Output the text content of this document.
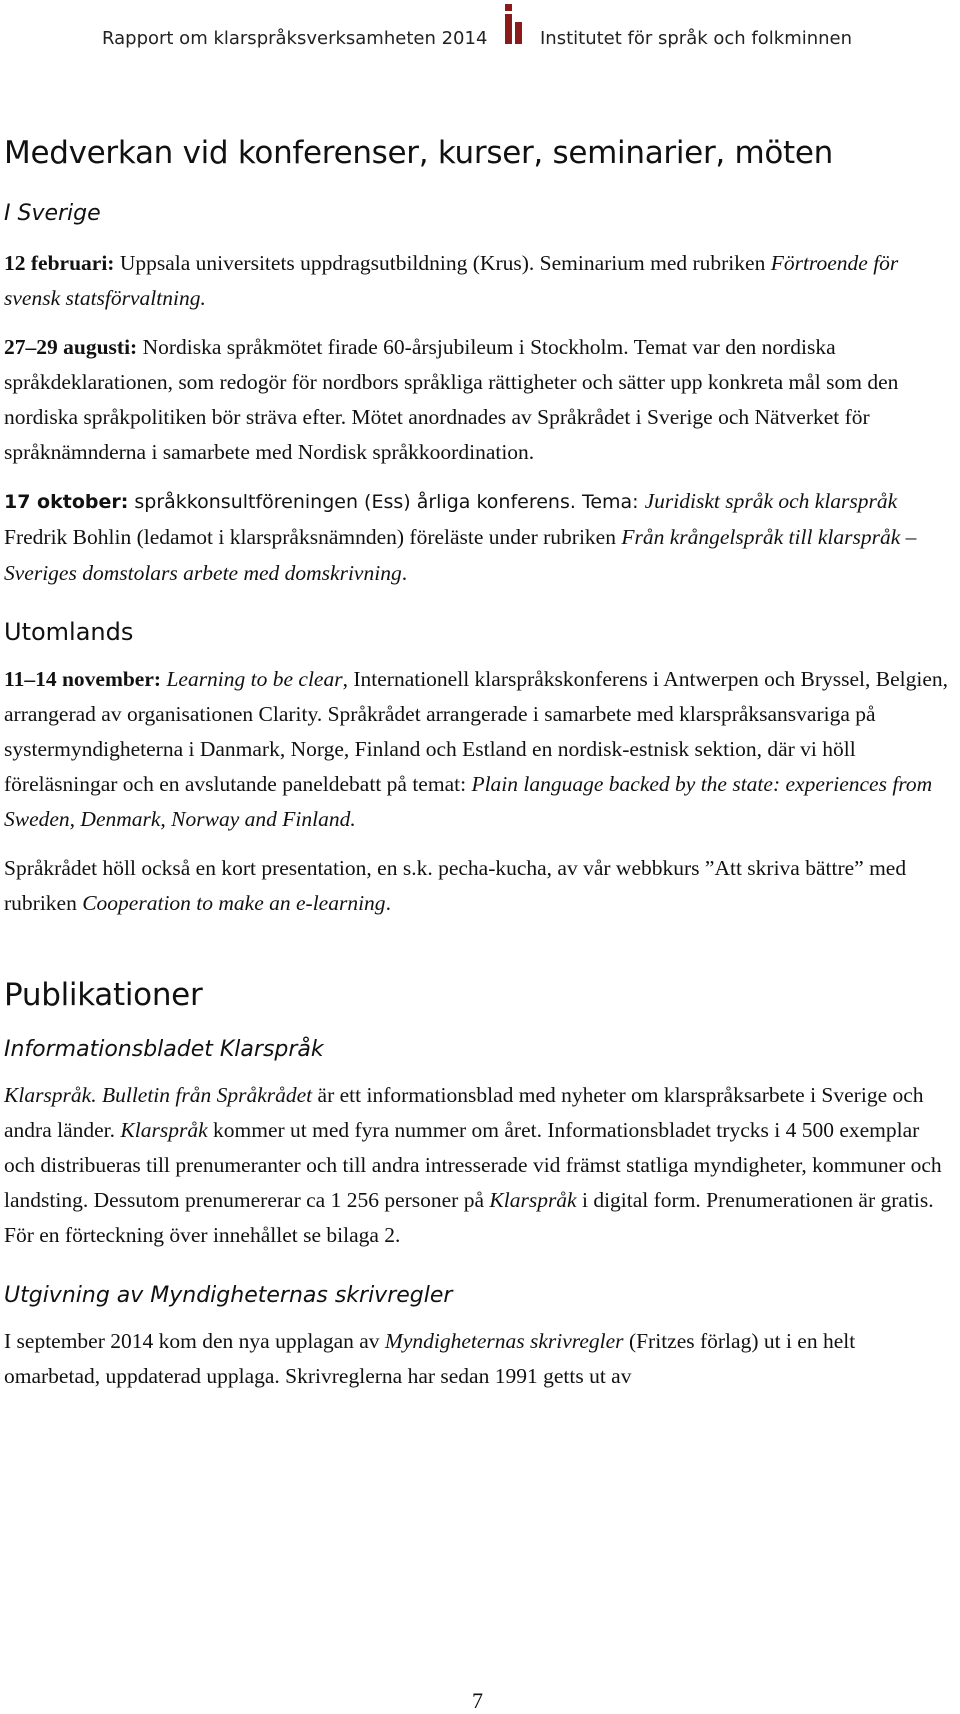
Rapport om klarspråksverksamheten 2014	Institutet för språk och folkminnen
Medverkan vid konferenser, kurser, seminarier, möten
I Sverige

12 februari: Uppsala universitets uppdragsutbildning (Krus). Seminarium med rubriken Förtroende för svensk statsförvaltning.

27–29 augusti: Nordiska språkmötet firade 60-årsjubileum i Stockholm. Temat var den nordiska språkdeklarationen, som redogör för nordbors språkliga rättigheter och sätter upp konkreta mål som den nordiska språkpolitiken bör sträva efter. Mötet anordnades av Språkrådet i Sverige och Nätverket för språknämnderna i samarbete med Nordisk språkkoordination.

17 oktober: språkkonsultföreningen (Ess) årliga konferens. Tema: Juridiskt språk och klarspråk Fredrik Bohlin (ledamot i klarspråksnämnden) föreläste under rubriken Från krångelspråk till klarspråk – Sveriges domstolars arbete med domskrivning.

Utomlands

11–14 november: Learning to be clear, Internationell klarspråkskonferens i Antwerpen och Bryssel, Belgien, arrangerad av organisationen Clarity. Språkrådet arrangerade i samarbete med klarspråksansvariga på systermyndigheterna i Danmark, Norge, Finland och Estland en nordisk-estnisk sektion, där vi höll föreläsningar och en avslutande paneldebatt på temat: Plain language backed by the state: experiences from Sweden, Denmark, Norway and Finland.

Språkrådet höll också en kort presentation, en s.k. pecha-kucha, av vår webbkurs ”Att skriva bättre” med rubriken Cooperation to make an e-learning.

Publikationer
Informationsbladet Klarspråk

Klarspråk. Bulletin från Språkrådet är ett informationsblad med nyheter om klarspråksarbete i Sverige och andra länder. Klarspråk kommer ut med fyra nummer om året. Informationsbladet trycks i 4 500 exemplar och distribueras till prenumeranter och till andra intresserade vid främst statliga myndigheter, kommuner och landsting. Dessutom prenumererar ca 1 256 personer på Klarspråk i digital form. Prenumerationen är gratis. För en förteckning över innehållet se bilaga 2.

Utgivning av Myndigheternas skrivregler

I september 2014 kom den nya upplagan av Myndigheternas skrivregler (Fritzes förlag) ut i en helt omarbetad, uppdaterad upplaga. Skrivreglerna har sedan 1991 getts ut av

7
